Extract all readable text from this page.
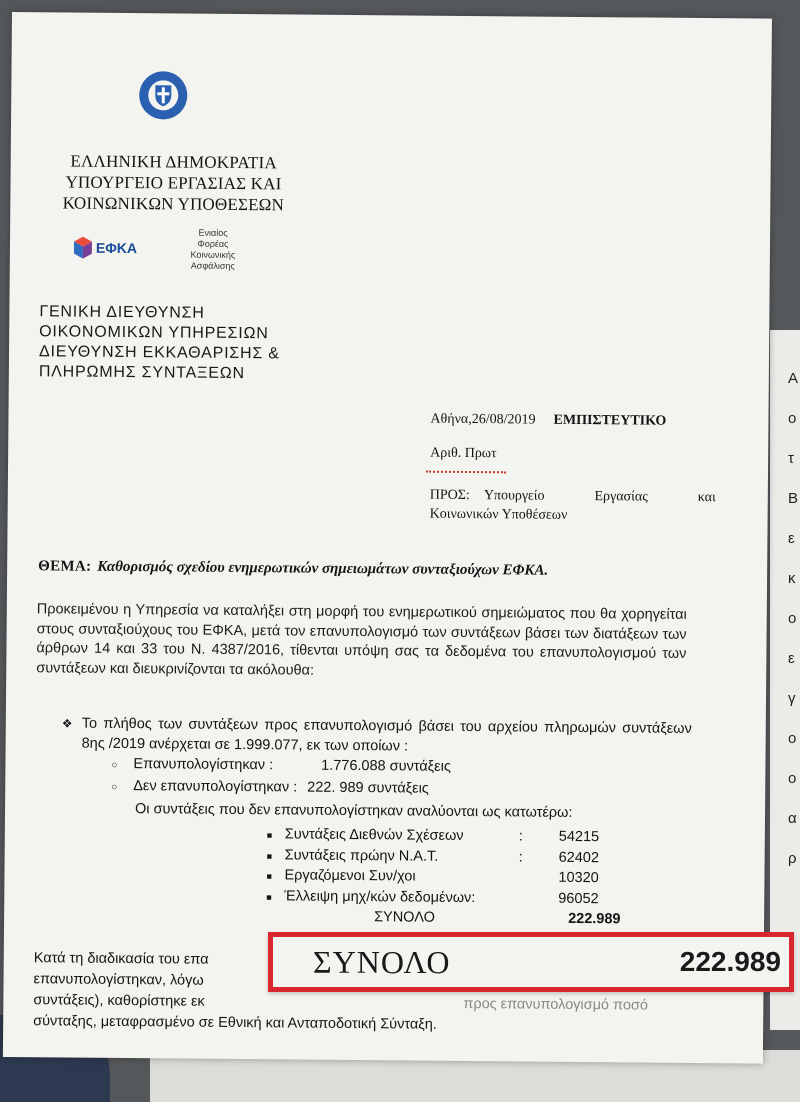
Α
ο
τ
Β
ε
κ
ο
ε
γ
ο
ο
α
ρ
ΕΛΛΗΝΙΚΗ ΔΗΜΟΚΡΑΤΙΑ
ΥΠΟΥΡΓΕΙΟ ΕΡΓΑΣΙΑΣ ΚΑΙ
ΚΟΙΝΩΝΙΚΩΝ ΥΠΟΘΕΣΕΩΝ
ΕΦΚΑ
Ενιαίος
Φορέας
Κοινωνικής
Ασφάλισης
ΓΕΝΙΚΗ ΔΙΕΥΘΥΝΣΗ
ΟΙΚΟΝΟΜΙΚΩΝ ΥΠΗΡΕΣΙΩΝ
ΔΙΕΥΘΥΝΣΗ ΕΚΚΑΘΑΡΙΣΗΣ &
ΠΛΗΡΩΜΗΣ ΣΥΝΤΑΞΕΩΝ
Αθήνα,26/08/2019 ΕΜΠΙΣΤΕΥΤΙΚΟ
Αριθ. Πρωτ
ΠΡΟΣ: Υπουργείο Εργασίας και
Κοινωνικών Υποθέσεων
ΘΕΜΑ: Καθορισμός σχεδίου ενημερωτικών σημειωμάτων συνταξιούχων ΕΦΚΑ.
Προκειμένου η Υπηρεσία να καταλήξει στη μορφή του ενημερωτικού σημειώματος που θα χορηγείται στους συνταξιούχους του ΕΦΚΑ, μετά τον επανυπολογισμό των συντάξεων βάσει των διατάξεων των άρθρων 14 και 33 του Ν. 4387/2016, τίθενται υπόψη σας τα δεδομένα του επανυπολογισμού των συντάξεων και διευκρινίζονται τα ακόλουθα:
❖ Το πλήθος των συντάξεων προς επανυπολογισμό βάσει του αρχείου πληρωμών συντάξεων 8ης /2019 ανέρχεται σε 1.999.077, εκ των οποίων :
○ Επανυπολογίστηκαν :	1.776.088 συντάξεις
○ Δεν επανυπολογίστηκαν : 222. 989 συντάξεις
Οι συντάξεις που δεν επανυπολογίστηκαν αναλύονται ως κατωτέρω:
■ Συντάξεις Διεθνών Σχέσεων	: 54215
■ Συντάξεις πρώην Ν.Α.Τ.	: 62402
■ Εργαζόμενοι Συν/χοι	10320
■ Έλλειψη μηχ/κών δεδομένων:	96052
ΣΥΝΟΛΟ	222.989
Κατά τη διαδικασία του επα
επανυπολογίστηκαν, λόγω
συντάξεις), καθορίστηκε εκ	προς επανυπολογισμό ποσό
σύνταξης, μεταφρασμένο σε Εθνική και Ανταποδοτική Σύνταξη.
ΣΥΝΟΛΟ	222.989
